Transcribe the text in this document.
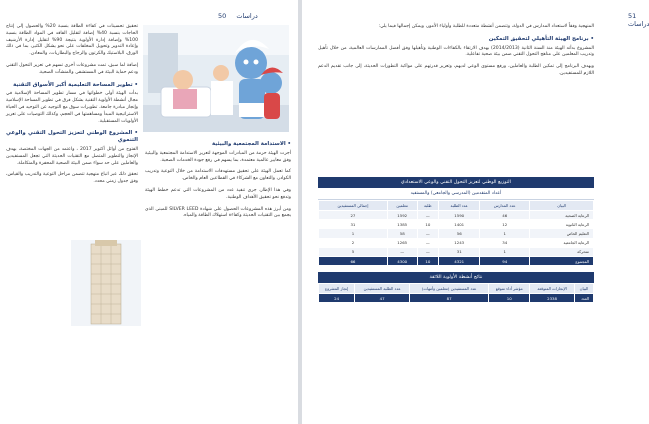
دراسات 50

تحقيق تحسينات في كفاءة الطاقة بنسبة 20% والحصول إلى إنتاج الحاجات بنسبة 40% إضافة لتقليل الفاقد في المواد الطاقة بنسبة 100% وإضافة إدارة الأولوية بنتيجة 90% لتقليل إدارة الأرشيف وإعادة التدوير وتحويل المخلفات على نحو يشكل الكثير، بما في ذلك الورق، البلاستيك والكرتون والزجاج والبطاريات، والمعادن.

إضافة لما سبق، تمت مشروعات أخرى تسهم في تعزيز التحول التقني ودعم حماية البيئة في المستشفى والمنشآت الصحية.

• تطوير المساحة التعليمية أكبر الأسواق التقنية

بدأت الهيئة أولى خطواتها في مسار تطوير المساحة الإسلامية في مجال أنشطة الأولوية التقنية بشكل فرق في تطوير المساحة الإسلامية وإنجاز مبادرة جامعة. تطويرات سوق مع التوجيه عن التوحيد في الحياة الاستراتيجية المبدأ ومساهمتها في الحجم، وكذلك التوصيات على تعزيز الأولويات المستقبلية.

• المشروع الوطني لتعزيز التحول التقني والوعي التنموي

الفتوح من أوائل أكتوبر 2017 ، واعتمد من الجهات المختصة، بهدف الإنجاز والتطوير المتصل مع التقنيات الحديثة التي تجعل المستفيدين والعاملين على حد سواء ضمن البيئة الصحية المحفزة والمتكاملة.

تحقق ذلك عبر اتباع منهجية تتضمن مراحل التوعية والتدريب والقياس، وفق جدول زمني محدد.

• الاستدامة المجتمعية والبيئية

أجرت الهيئة حزمة من المبادرات الموجهة لتعزيز الاستدامة المجتمعية والبيئية وفق معايير عالمية معتمدة، بما يسهم في رفع جودة الخدمات الصحية.

كما تعمل الهيئة على تحقيق مستهدفات الاستدامة من خلال التوعية وتدريب الكوادر، والتعاون مع الشركاء في القطاعين العام والخاص.

وفي هذا الإطار، جرى تنفيذ عدد من المشروعات التي تدعم خطط الهيئة وتدفع نحو تحقيق الأهداف الوطنية.

ومن أبرز هذه المشروعات الحصول على شهادة SILVER LEED للمبنى الذي يجمع بين التقنيات الحديثة وكفاءة استهلاك الطاقة والمياه.

51 دراسات

المنهجية وفقاً لاستعداد المدارس في الدولة، وتتضمن أنشطة متعددة للطلبة وأولياء الأمور، ويمكن إجمالها فيما يلي:

• برنامج الهيئة التأهيلي لتحقيق التمكين

المشروع بدأته الهيئة منذ السنة الثانية (2014/2013) بهدف الارتقاء بالكفاءات الوطنية وتأهيلها وفق أفضل الممارسات العالمية، من خلال تأهيل وتدريب المعلمين على مناهج التحول التقني ضمن بيئة صحية تفاعلية.

ويهدف البرنامج إلى تمكين الطلبة والعاملين، ورفع مستوى الوعي لديهم، وتعزيز قدرتهم على مواكبة التطورات الحديثة، إلى جانب تقديم الدعم اللازم للمستفيدين.

التوزيع الوطني لتعزيز التحول التقني والوعي الاستعدادي
أعداد المتقدمين (المدرسي والجامعي) والمستفيد
البيان	عدد المدارس	عدد الطلبة	طلبة	معلمين	إجمالي المستفيدين
الرعاية الصحية	46	1590	—	1592	27
الرعاية الثانوية	12	1401	10	1385	31
التعليم الخاص	1	56	—	58	1
الرعاية الجامعية	34	1243	—	1265	2
متحركة	1	31	—	—	5
المجموع	94	4321	10	4300	66
نتائج أنشطة الأولوية اللائقة
البيان	الإنجازات المتوقعة	مؤشر أداء متوقع	عدد المستفيدين (معلمين وأمهات)	عدد الطلبة المستفيدين	إنجاز المشروع
العدد	2338	10	87	47	24
